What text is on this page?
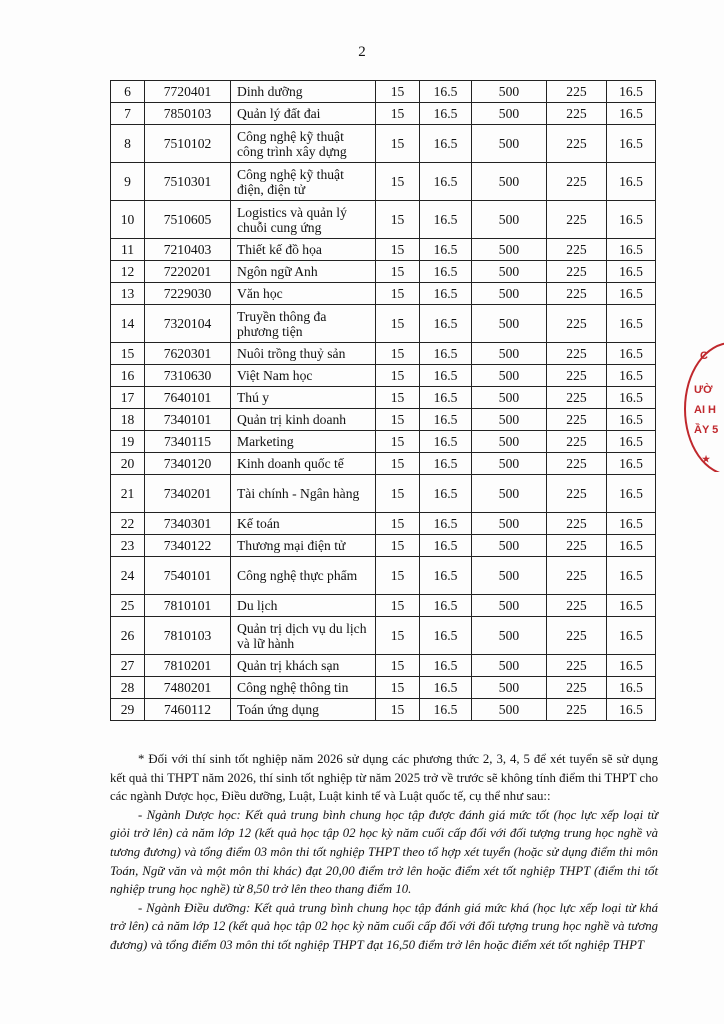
2
6	7720401	Dinh dưỡng	15	16.5	500	225	16.5
7	7850103	Quản lý đất đai	15	16.5	500	225	16.5
8	7510102	Công nghệ kỹ thuật công trình xây dựng	15	16.5	500	225	16.5
9	7510301	Công nghệ kỹ thuật điện, điện tử	15	16.5	500	225	16.5
10	7510605	Logistics và quản lý chuỗi cung ứng	15	16.5	500	225	16.5
11	7210403	Thiết kế đồ họa	15	16.5	500	225	16.5
12	7220201	Ngôn ngữ Anh	15	16.5	500	225	16.5
13	7229030	Văn học	15	16.5	500	225	16.5
14	7320104	Truyền thông đa phương tiện	15	16.5	500	225	16.5
15	7620301	Nuôi trồng thuỷ sản	15	16.5	500	225	16.5
16	7310630	Việt Nam học	15	16.5	500	225	16.5
17	7640101	Thú y	15	16.5	500	225	16.5
18	7340101	Quản trị kinh doanh	15	16.5	500	225	16.5
19	7340115	Marketing	15	16.5	500	225	16.5
20	7340120	Kinh doanh quốc tế	15	16.5	500	225	16.5
21	7340201	Tài chính - Ngân hàng	15	16.5	500	225	16.5
22	7340301	Kế toán	15	16.5	500	225	16.5
23	7340122	Thương mại điện tử	15	16.5	500	225	16.5
24	7540101	Công nghệ thực phẩm	15	16.5	500	225	16.5
25	7810101	Du lịch	15	16.5	500	225	16.5
26	7810103	Quản trị dịch vụ du lịch và lữ hành	15	16.5	500	225	16.5
27	7810201	Quản trị khách sạn	15	16.5	500	225	16.5
28	7480201	Công nghệ thông tin	15	16.5	500	225	16.5
29	7460112	Toán ứng dụng	15	16.5	500	225	16.5

* Đối với thí sinh tốt nghiệp năm 2026 sử dụng các phương thức 2, 3, 4, 5 để xét tuyển sẽ sử dụng kết quả thi THPT năm 2026, thí sinh tốt nghiệp từ năm 2025 trở về trước sẽ không tính điểm thi THPT cho các ngành Dược học, Điều dưỡng, Luật, Luật kinh tế và Luật quốc tế, cụ thể như sau::

- Ngành Dược học: Kết quả trung bình chung học tập được đánh giá mức tốt (học lực xếp loại từ giỏi trở lên) cả năm lớp 12 (kết quả học tập 02 học kỳ năm cuối cấp đối với đối tượng trung học nghề và tương đương) và tổng điểm 03 môn thi tốt nghiệp THPT theo tổ hợp xét tuyển (hoặc sử dụng điểm thi môn Toán, Ngữ văn và một môn thi khác) đạt 20,00 điểm trở lên hoặc điểm xét tốt nghiệp THPT (điểm thi tốt nghiệp trung học nghề) từ 8,50 trở lên theo thang điểm 10.

- Ngành Điều dưỡng: Kết quả trung bình chung học tập đánh giá mức khá (học lực xếp loại từ khá trở lên) cả năm lớp 12 (kết quả học tập 02 học kỳ năm cuối cấp đối với đối tượng trung học nghề và tương đương) và tổng điểm 03 môn thi tốt nghiệp THPT đạt 16,50 điểm trở lên hoặc điểm xét tốt nghiệp THPT

C
ƯỜ
AI H
ẦY 5
★
